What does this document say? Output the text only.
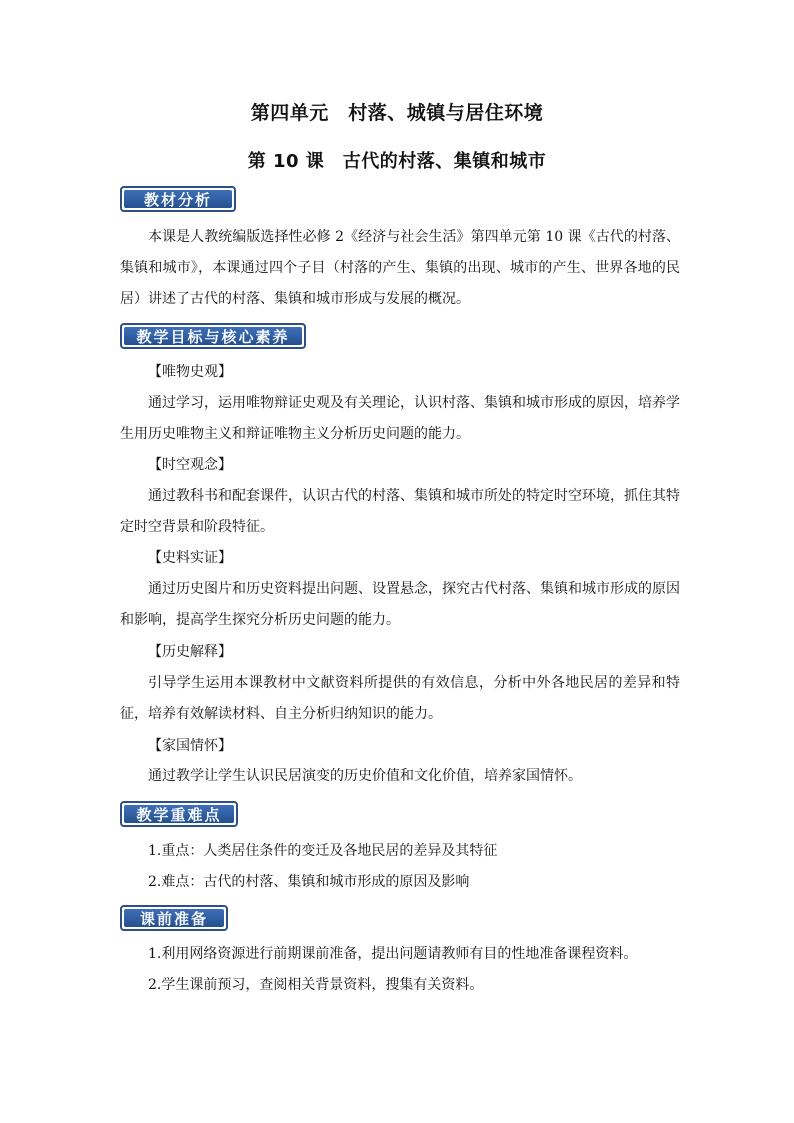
第四单元　村落、城镇与居住环境
第 10 课　古代的村落、集镇和城市
教材分析
本课是人教统编版选择性必修 2《经济与社会生活》第四单元第 10 课《古代的村落、集镇和城市》，本课通过四个子目（村落的产生、集镇的出现、城市的产生、世界各地的民居）讲述了古代的村落、集镇和城市形成与发展的概况。
教学目标与核心素养
【唯物史观】
通过学习，运用唯物辩证史观及有关理论，认识村落、集镇和城市形成的原因，培养学生用历史唯物主义和辩证唯物主义分析历史问题的能力。
【时空观念】
通过教科书和配套课件，认识古代的村落、集镇和城市所处的特定时空环境，抓住其特定时空背景和阶段特征。
【史料实证】
通过历史图片和历史资料提出问题、设置悬念，探究古代村落、集镇和城市形成的原因和影响，提高学生探究分析历史问题的能力。
【历史解释】
引导学生运用本课教材中文献资料所提供的有效信息，分析中外各地民居的差异和特征，培养有效解读材料、自主分析归纳知识的能力。
【家国情怀】
通过教学让学生认识民居演变的历史价值和文化价值，培养家国情怀。
教学重难点
1.重点：人类居住条件的变迁及各地民居的差异及其特征
2.难点：古代的村落、集镇和城市形成的原因及影响
课前准备
1.利用网络资源进行前期课前准备，提出问题请教师有目的性地准备课程资料。
2.学生课前预习，查阅相关背景资料，搜集有关资料。
